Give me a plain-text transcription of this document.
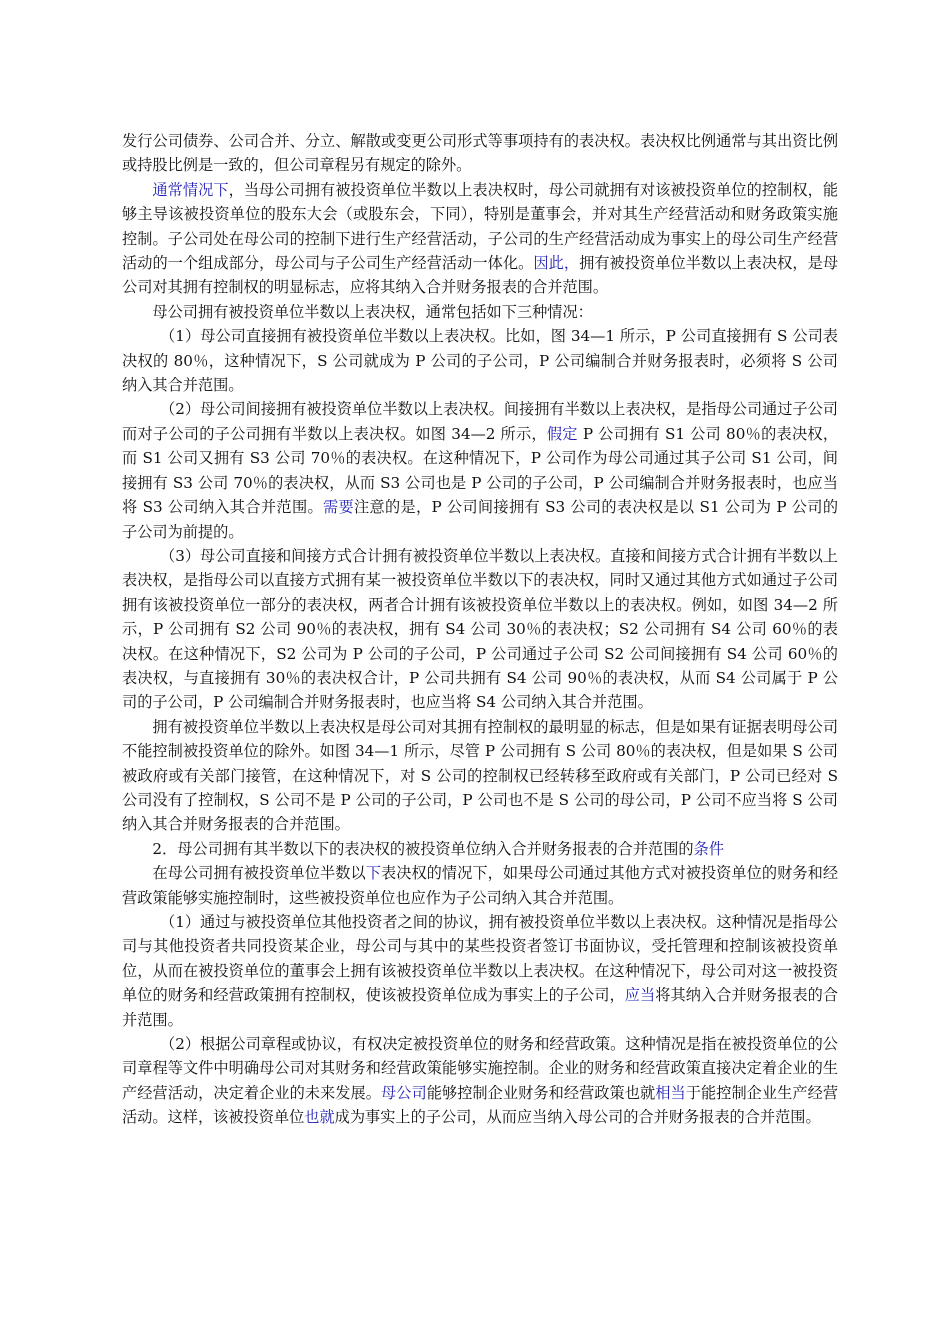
发行公司债券、公司合并、分立、解散或变更公司形式等事项持有的表决权。表决权比例通常与其出资比例或持股比例是一致的，但公司章程另有规定的除外。

通常情况下，当母公司拥有被投资单位半数以上表决权时，母公司就拥有对该被投资单位的控制权，能够主导该被投资单位的股东大会（或股东会，下同），特别是董事会，并对其生产经营活动和财务政策实施控制。子公司处在母公司的控制下进行生产经营活动，子公司的生产经营活动成为事实上的母公司生产经营活动的一个组成部分，母公司与子公司生产经营活动一体化。因此，拥有被投资单位半数以上表决权，是母公司对其拥有控制权的明显标志，应将其纳入合并财务报表的合并范围。

母公司拥有被投资单位半数以上表决权，通常包括如下三种情况：

（1）母公司直接拥有被投资单位半数以上表决权。比如，图 34—1 所示，P 公司直接拥有 S 公司表决权的 80％，这种情况下，S 公司就成为 P 公司的子公司，P 公司编制合并财务报表时，必须将 S 公司纳入其合并范围。

（2）母公司间接拥有被投资单位半数以上表决权。间接拥有半数以上表决权，是指母公司通过子公司而对子公司的子公司拥有半数以上表决权。如图 34—2 所示，假定 P 公司拥有 S1 公司 80％的表决权，而 S1 公司又拥有 S3 公司 70％的表决权。在这种情况下，P 公司作为母公司通过其子公司 S1 公司，间接拥有 S3 公司 70％的表决权，从而 S3 公司也是 P 公司的子公司，P 公司编制合并财务报表时，也应当将 S3 公司纳入其合并范围。需要注意的是，P 公司间接拥有 S3 公司的表决权是以 S1 公司为 P 公司的子公司为前提的。

（3）母公司直接和间接方式合计拥有被投资单位半数以上表决权。直接和间接方式合计拥有半数以上表决权，是指母公司以直接方式拥有某一被投资单位半数以下的表决权，同时又通过其他方式如通过子公司拥有该被投资单位一部分的表决权，两者合计拥有该被投资单位半数以上的表决权。例如，如图 34—2 所示，P 公司拥有 S2 公司 90％的表决权，拥有 S4 公司 30％的表决权；S2 公司拥有 S4 公司 60％的表决权。在这种情况下，S2 公司为 P 公司的子公司，P 公司通过子公司 S2 公司间接拥有 S4 公司 60％的表决权，与直接拥有 30％的表决权合计，P 公司共拥有 S4 公司 90％的表决权，从而 S4 公司属于 P 公司的子公司，P 公司编制合并财务报表时，也应当将 S4 公司纳入其合并范围。

拥有被投资单位半数以上表决权是母公司对其拥有控制权的最明显的标志，但是如果有证据表明母公司不能控制被投资单位的除外。如图 34—1 所示，尽管 P 公司拥有 S 公司 80％的表决权，但是如果 S 公司被政府或有关部门接管，在这种情况下，对 S 公司的控制权已经转移至政府或有关部门，P 公司已经对 S 公司没有了控制权，S 公司不是 P 公司的子公司，P 公司也不是 S 公司的母公司，P 公司不应当将 S 公司纳入其合并财务报表的合并范围。

2．母公司拥有其半数以下的表决权的被投资单位纳入合并财务报表的合并范围的条件

在母公司拥有被投资单位半数以下表决权的情况下，如果母公司通过其他方式对被投资单位的财务和经营政策能够实施控制时，这些被投资单位也应作为子公司纳入其合并范围。

（1）通过与被投资单位其他投资者之间的协议，拥有被投资单位半数以上表决权。这种情况是指母公司与其他投资者共同投资某企业，母公司与其中的某些投资者签订书面协议，受托管理和控制该被投资单位，从而在被投资单位的董事会上拥有该被投资单位半数以上表决权。在这种情况下，母公司对这一被投资单位的财务和经营政策拥有控制权，使该被投资单位成为事实上的子公司，应当将其纳入合并财务报表的合并范围。

（2）根据公司章程或协议，有权决定被投资单位的财务和经营政策。这种情况是指在被投资单位的公司章程等文件中明确母公司对其财务和经营政策能够实施控制。企业的财务和经营政策直接决定着企业的生产经营活动，决定着企业的未来发展。母公司能够控制企业财务和经营政策也就相当于能控制企业生产经营活动。这样，该被投资单位也就成为事实上的子公司，从而应当纳入母公司的合并财务报表的合并范围。
